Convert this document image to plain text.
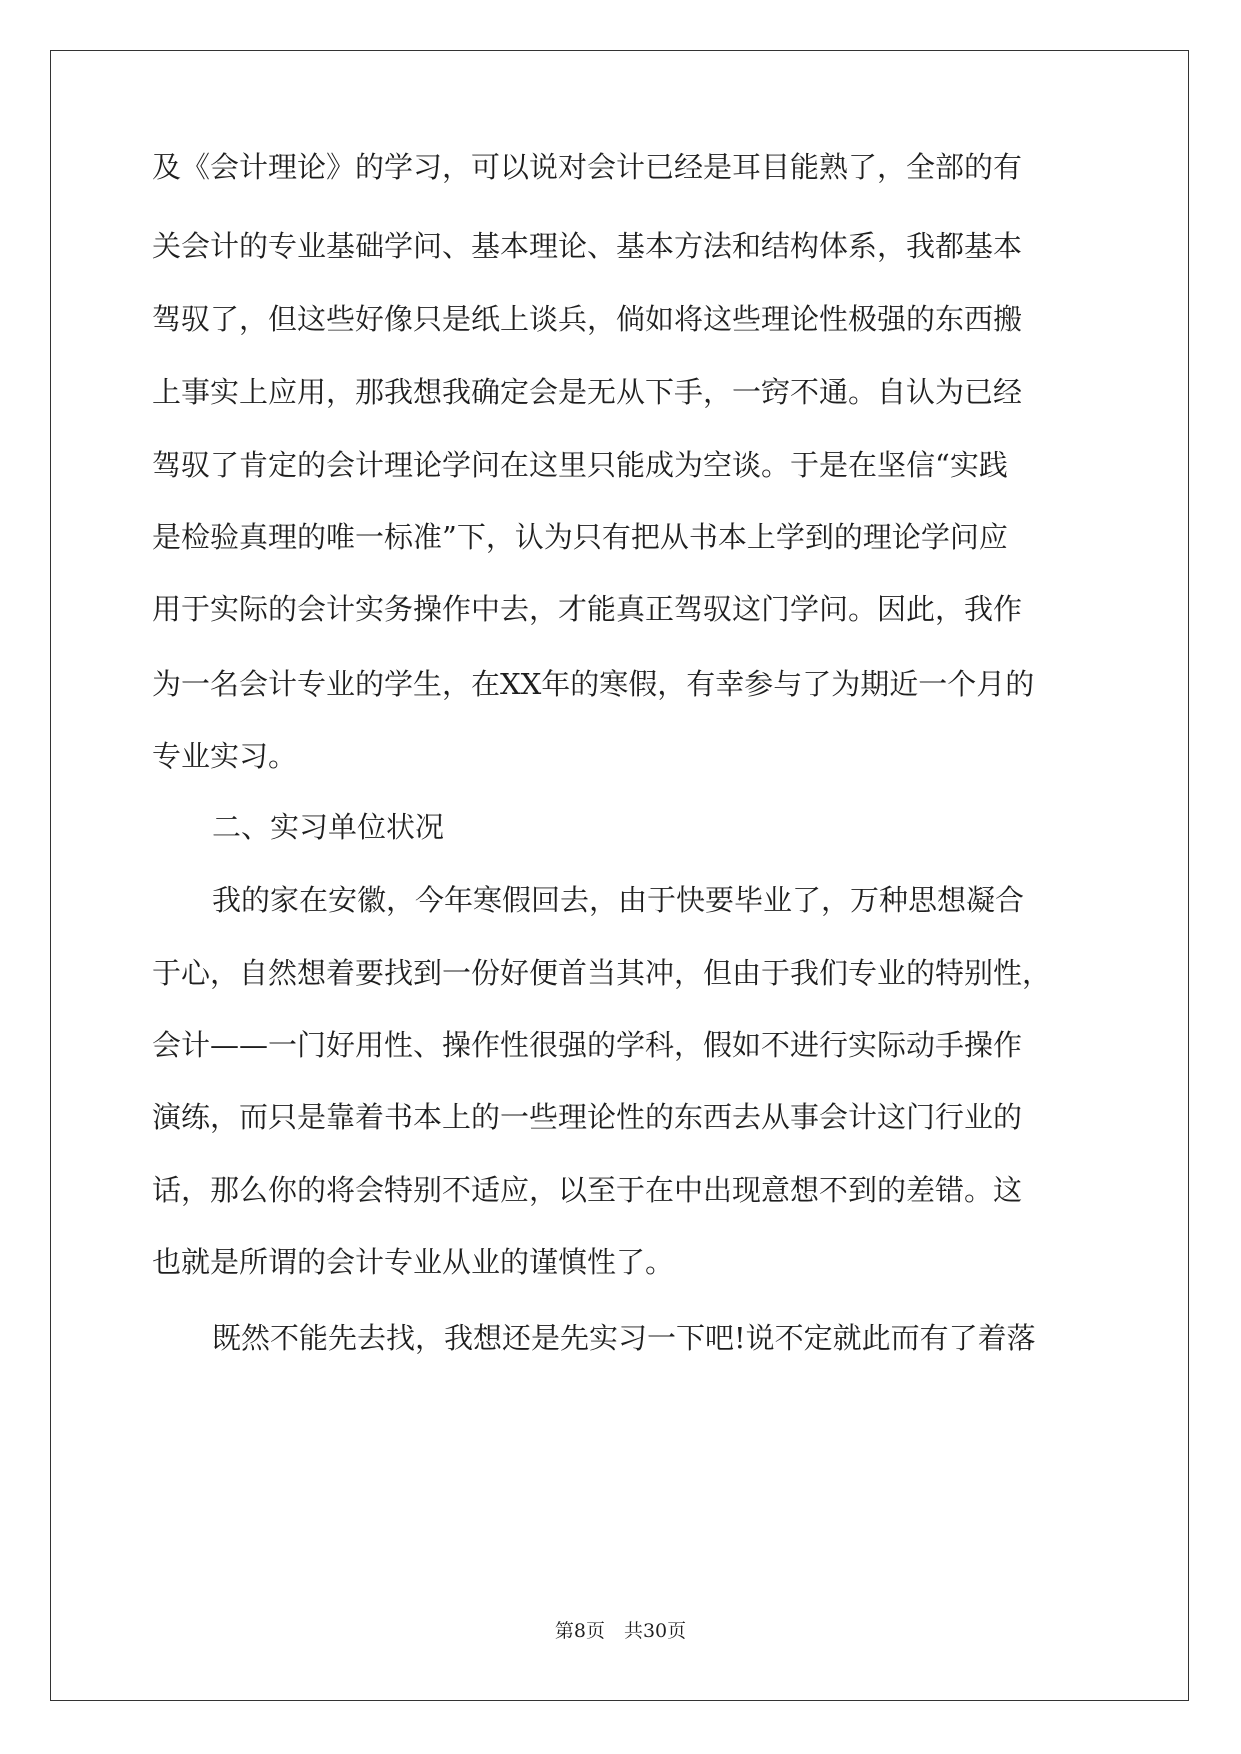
及《会计理论》的学习，可以说对会计已经是耳目能熟了，全部的有
关会计的专业基础学问、基本理论、基本方法和结构体系，我都基本
驾驭了，但这些好像只是纸上谈兵，倘如将这些理论性极强的东西搬
上事实上应用，那我想我确定会是无从下手，一窍不通。自认为已经
驾驭了肯定的会计理论学问在这里只能成为空谈。于是在坚信“实践
是检验真理的唯一标准”下，认为只有把从书本上学到的理论学问应
用于实际的会计实务操作中去，才能真正驾驭这门学问。因此，我作
为一名会计专业的学生，在XX年的寒假，有幸参与了为期近一个月的
专业实习。
二、实习单位状况
我的家在安徽，今年寒假回去，由于快要毕业了，万种思想凝合
于心，自然想着要找到一份好便首当其冲，但由于我们专业的特别性，
会计——一门好用性、操作性很强的学科，假如不进行实际动手操作
演练，而只是靠着书本上的一些理论性的东西去从事会计这门行业的
话，那么你的将会特别不适应，以至于在中出现意想不到的差错。这
也就是所谓的会计专业从业的谨慎性了。
既然不能先去找，我想还是先实习一下吧!说不定就此而有了着落
第8页　共30页
